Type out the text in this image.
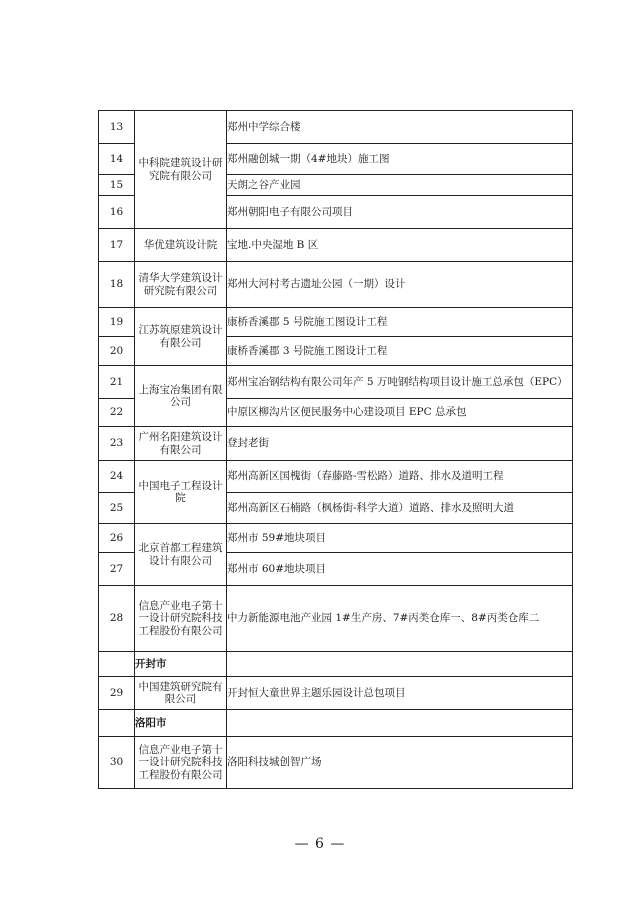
13	中科院建筑设计研究院有限公司	郑州中学综合楼
14		郑州融创城一期（4#地块）施工图
15		天朗之谷产业园
16		郑州朝阳电子有限公司项目
17	华优建筑设计院	宝地.中央湿地 B 区
18	清华大学建筑设计研究院有限公司	郑州大河村考古遗址公园（一期）设计
19	江苏筑原建筑设计有限公司	康桥香溪郡 5 号院施工图设计工程
20		康桥香溪郡 3 号院施工图设计工程
21	上海宝冶集团有限公司	郑州宝冶钢结构有限公司年产 5 万吨钢结构项目设计施工总承包（EPC）
22		中原区柳沟片区便民服务中心建设项目 EPC 总承包
23	广州名阳建筑设计有限公司	登封老街
24	中国电子工程设计院	郑州高新区国槐街（春藤路-雪松路）道路、排水及道明工程
25		郑州高新区石楠路（枫杨街-科学大道）道路、排水及照明大道
26	北京首都工程建筑设计有限公司	郑州市 59#地块项目
27		郑州市 60#地块项目
28	信息产业电子第十一设计研究院科技工程股份有限公司	中力新能源电池产业园 1#生产房、7#丙类仓库一、8#丙类仓库二
	开封市	
29	中国建筑研究院有限公司	开封恒大童世界主题乐园设计总包项目
	洛阳市	
30	信息产业电子第十一设计研究院科技工程股份有限公司	洛阳科技城创智广场
— 6 —
